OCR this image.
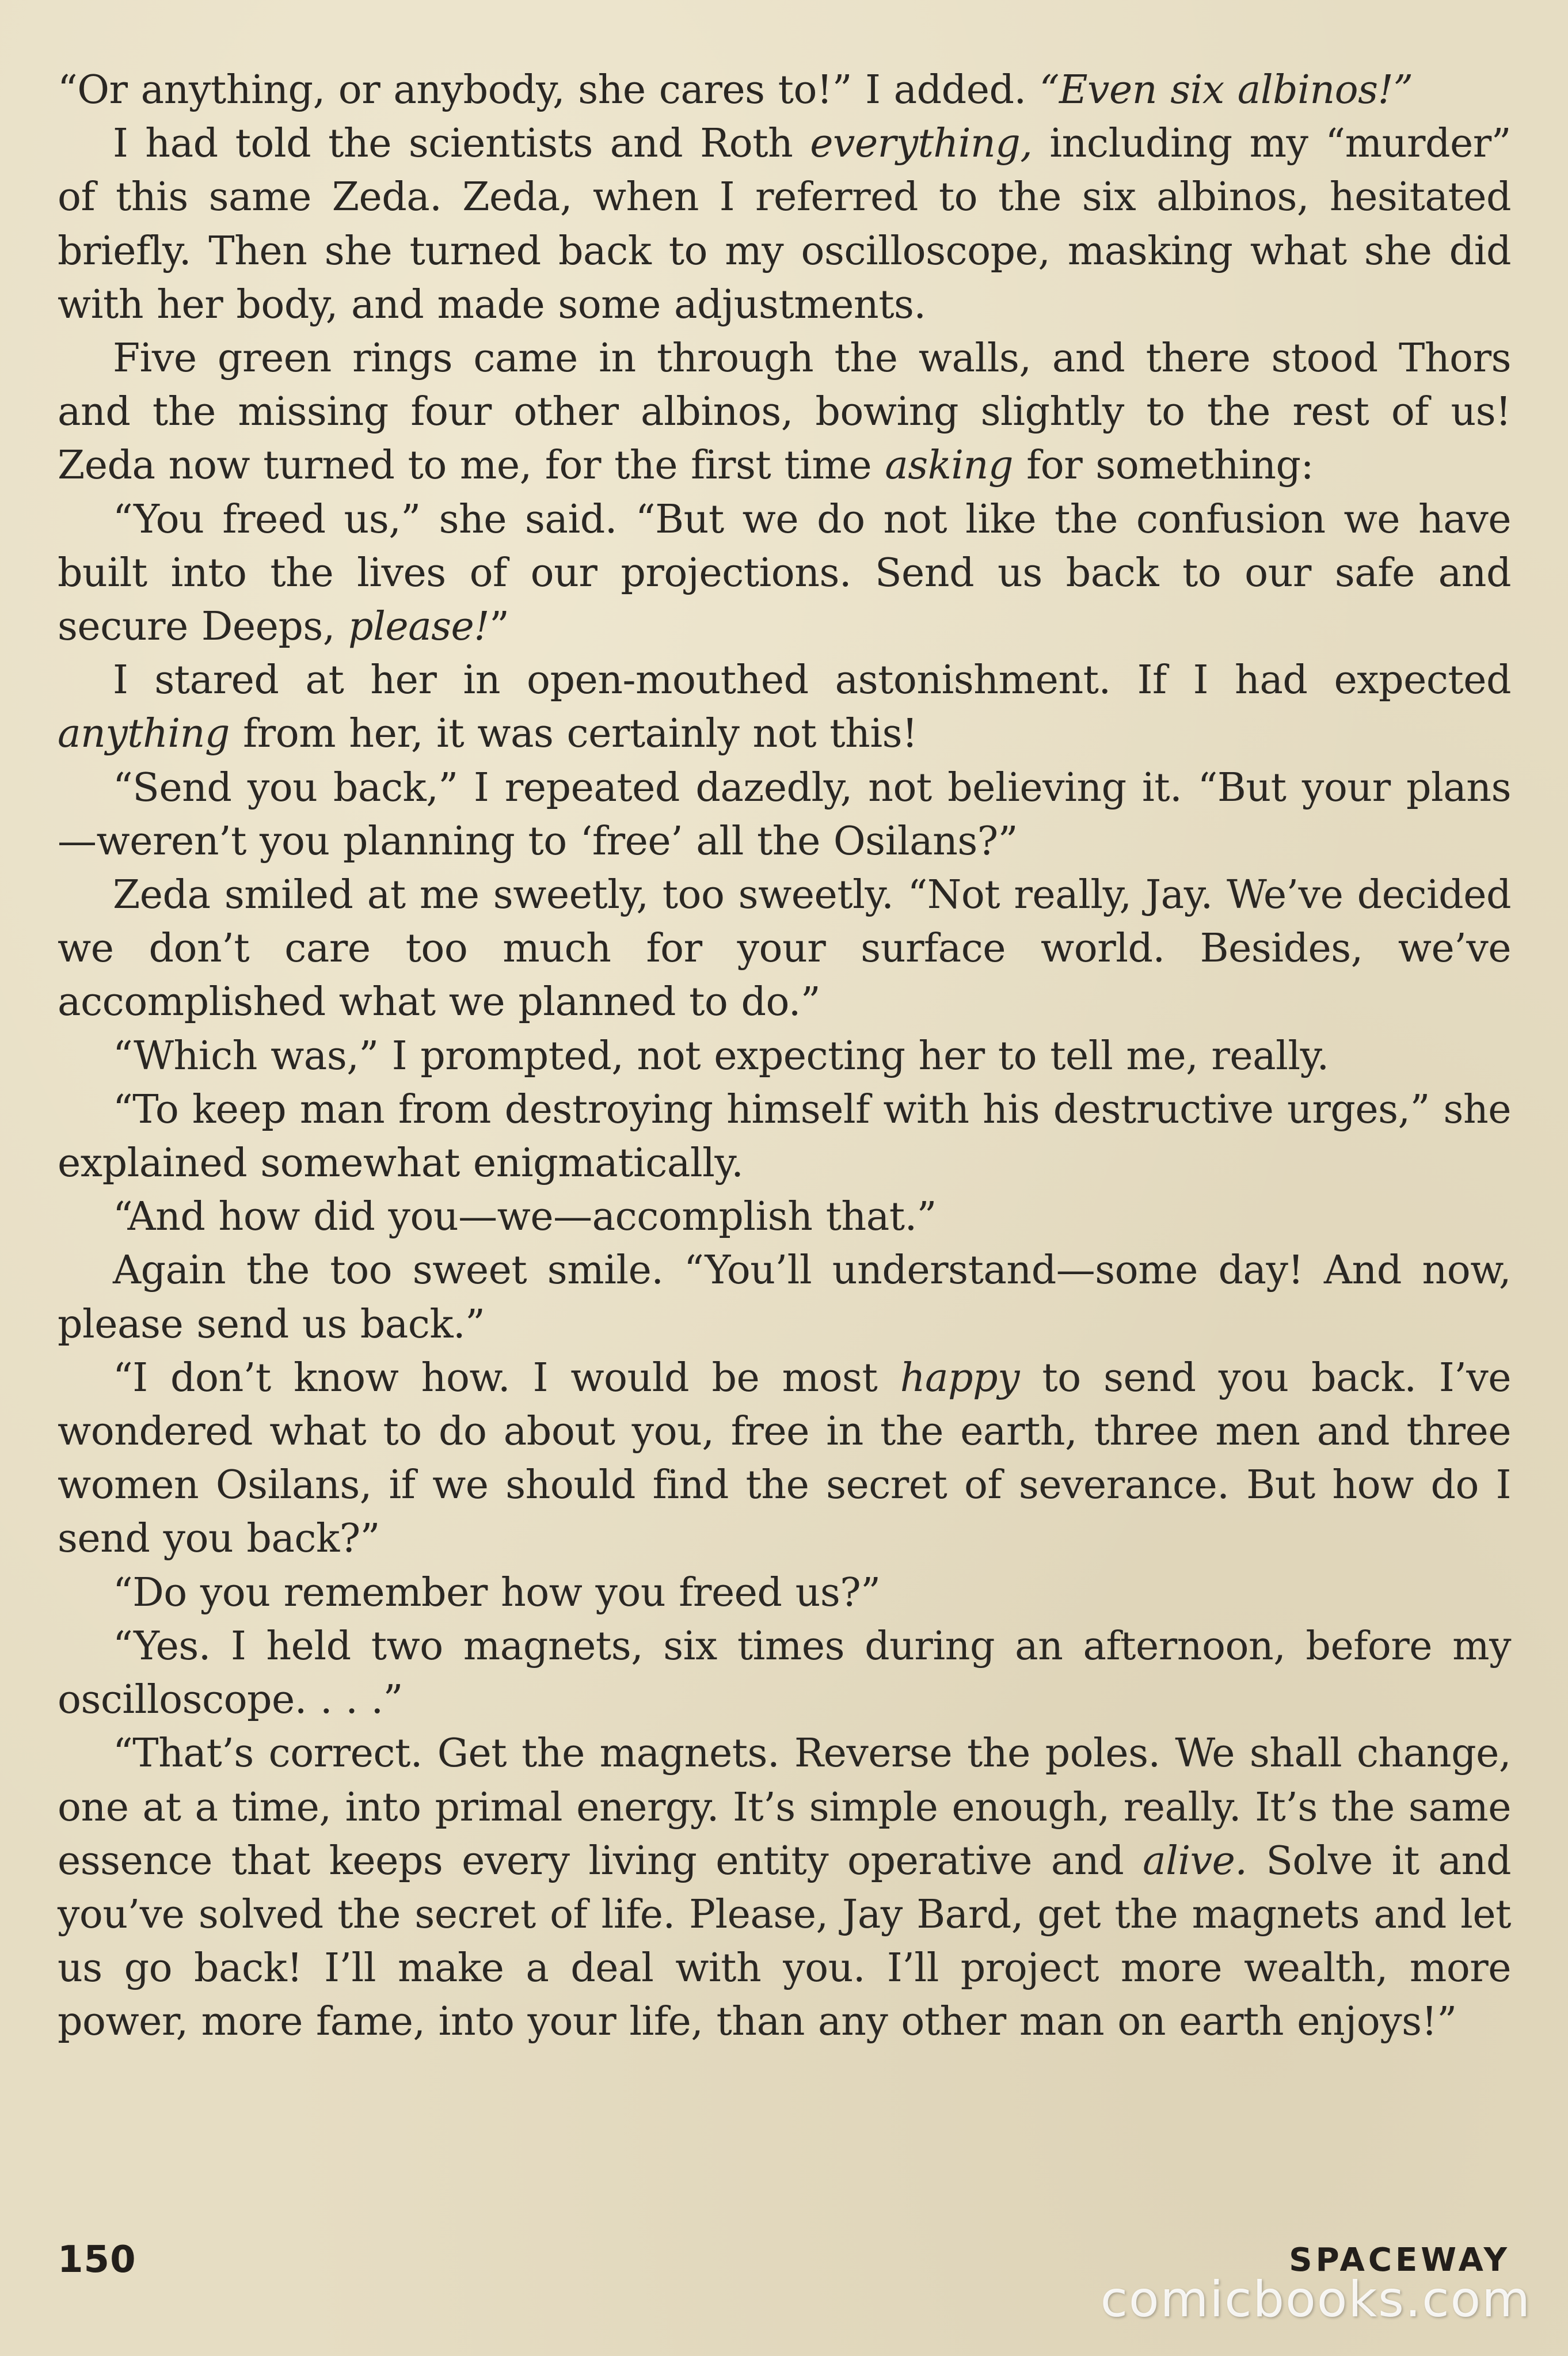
“Or anything, or anybody, she cares to!” I added. “Even six albinos!”

I had told the scientists and Roth everything, including my “murder” of this same Zeda. Zeda, when I referred to the six albinos, hesitated briefly. Then she turned back to my oscilloscope, masking what she did with her body, and made some adjustments.

Five green rings came in through the walls, and there stood Thors and the missing four other albinos, bowing slightly to the rest of us! Zeda now turned to me, for the first time asking for something:

“You freed us,” she said. “But we do not like the confusion we have built into the lives of our projections. Send us back to our safe and secure Deeps, please!”

I stared at her in open-mouthed astonishment. If I had expected anything from her, it was certainly not this!

“Send you back,” I repeated dazedly, not believing it. “But your plans—weren’t you planning to ‘free’ all the Osilans?”

Zeda smiled at me sweetly, too sweetly. “Not really, Jay. We’ve decided we don’t care too much for your surface world. Besides, we’ve accomplished what we planned to do.”

“Which was,” I prompted, not expecting her to tell me, really.

“To keep man from destroying himself with his destructive urges,” she explained somewhat enigmatically.

“And how did you—we—accomplish that.”

Again the too sweet smile. “You’ll understand—some day! And now, please send us back.”

“I don’t know how. I would be most happy to send you back. I’ve wondered what to do about you, free in the earth, three men and three women Osilans, if we should find the secret of severance. But how do I send you back?”

“Do you remember how you freed us?”

“Yes. I held two magnets, six times during an afternoon, before my oscilloscope. . . .”

“That’s correct. Get the magnets. Reverse the poles. We shall change, one at a time, into primal energy. It’s simple enough, really. It’s the same essence that keeps every living entity operative and alive. Solve it and you’ve solved the secret of life. Please, Jay Bard, get the magnets and let us go back! I’ll make a deal with you. I’ll project more wealth, more power, more fame, into your life, than any other man on earth enjoys!”

150	SPACEWAY
comicbooks.com
